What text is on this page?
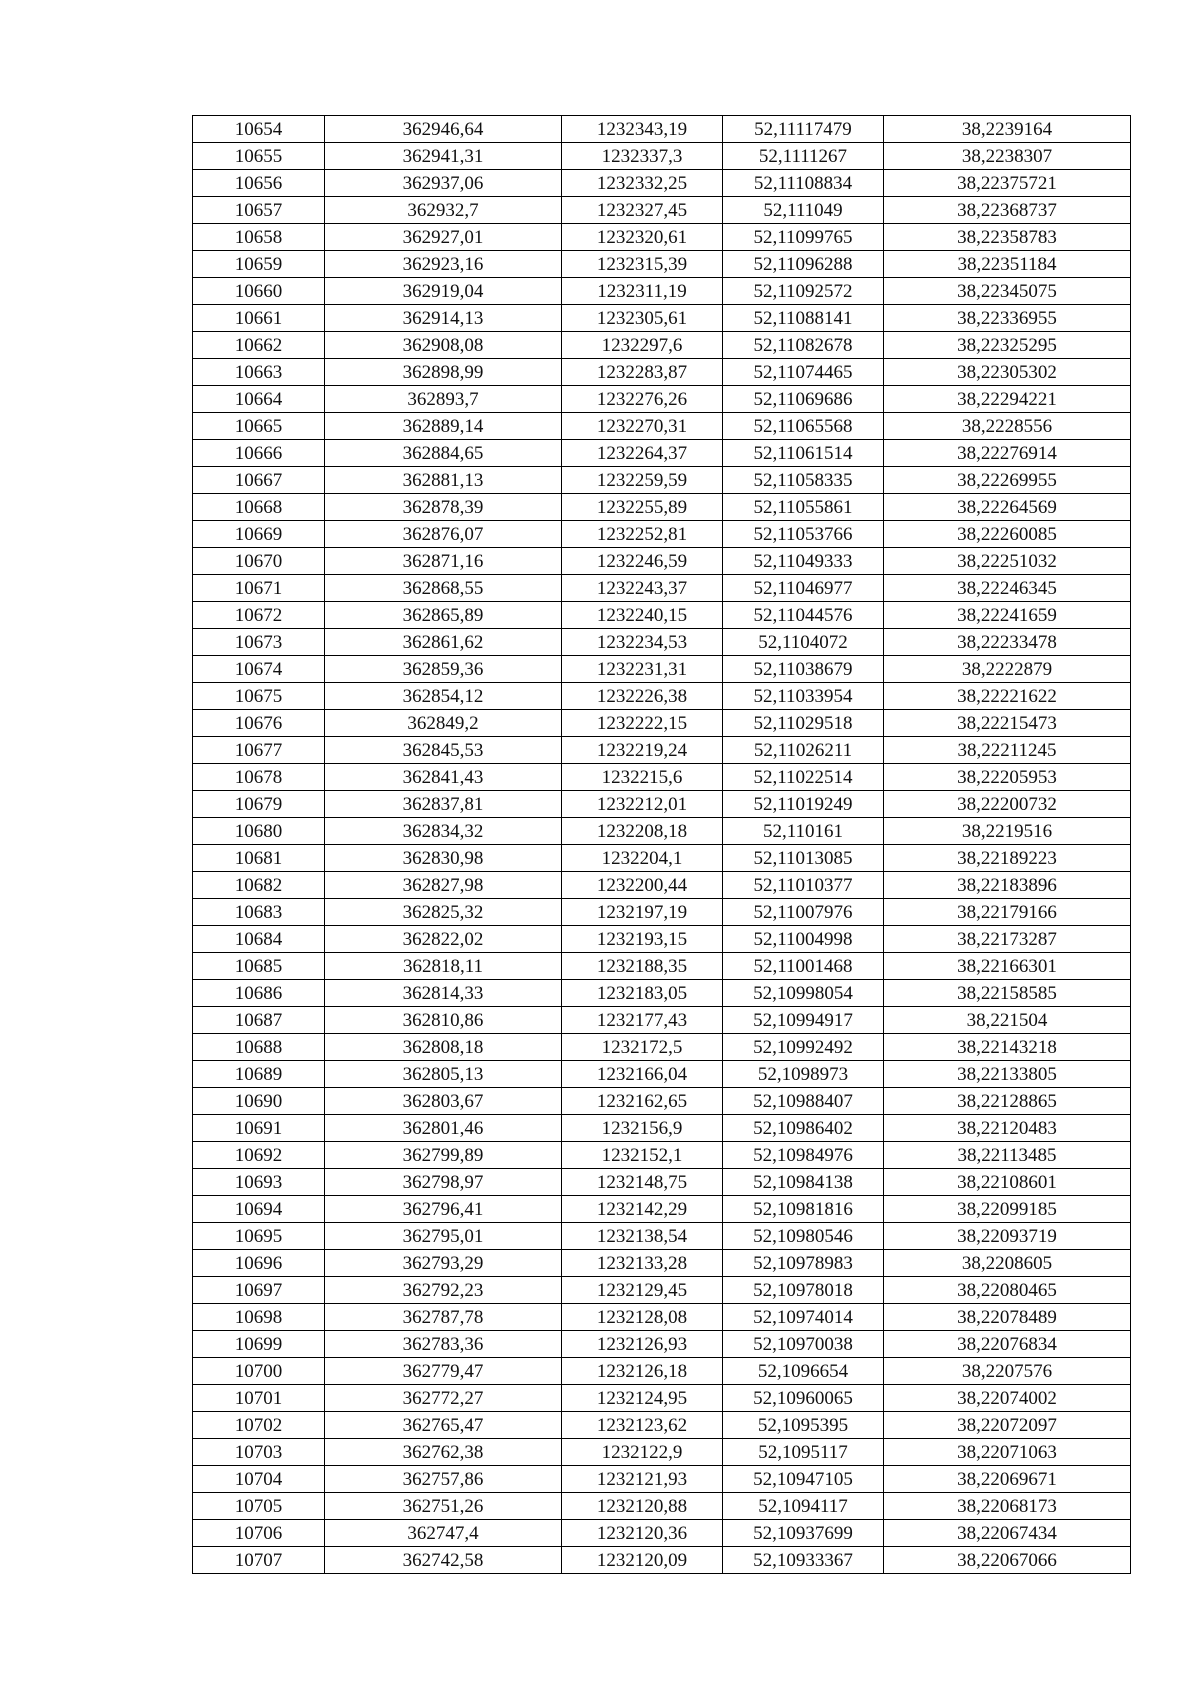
10654	362946,64	1232343,19	52,11117479	38,2239164
10655	362941,31	1232337,3	52,1111267	38,2238307
10656	362937,06	1232332,25	52,11108834	38,22375721
10657	362932,7	1232327,45	52,111049	38,22368737
10658	362927,01	1232320,61	52,11099765	38,22358783
10659	362923,16	1232315,39	52,11096288	38,22351184
10660	362919,04	1232311,19	52,11092572	38,22345075
10661	362914,13	1232305,61	52,11088141	38,22336955
10662	362908,08	1232297,6	52,11082678	38,22325295
10663	362898,99	1232283,87	52,11074465	38,22305302
10664	362893,7	1232276,26	52,11069686	38,22294221
10665	362889,14	1232270,31	52,11065568	38,2228556
10666	362884,65	1232264,37	52,11061514	38,22276914
10667	362881,13	1232259,59	52,11058335	38,22269955
10668	362878,39	1232255,89	52,11055861	38,22264569
10669	362876,07	1232252,81	52,11053766	38,22260085
10670	362871,16	1232246,59	52,11049333	38,22251032
10671	362868,55	1232243,37	52,11046977	38,22246345
10672	362865,89	1232240,15	52,11044576	38,22241659
10673	362861,62	1232234,53	52,1104072	38,22233478
10674	362859,36	1232231,31	52,11038679	38,2222879
10675	362854,12	1232226,38	52,11033954	38,22221622
10676	362849,2	1232222,15	52,11029518	38,22215473
10677	362845,53	1232219,24	52,11026211	38,22211245
10678	362841,43	1232215,6	52,11022514	38,22205953
10679	362837,81	1232212,01	52,11019249	38,22200732
10680	362834,32	1232208,18	52,110161	38,2219516
10681	362830,98	1232204,1	52,11013085	38,22189223
10682	362827,98	1232200,44	52,11010377	38,22183896
10683	362825,32	1232197,19	52,11007976	38,22179166
10684	362822,02	1232193,15	52,11004998	38,22173287
10685	362818,11	1232188,35	52,11001468	38,22166301
10686	362814,33	1232183,05	52,10998054	38,22158585
10687	362810,86	1232177,43	52,10994917	38,221504
10688	362808,18	1232172,5	52,10992492	38,22143218
10689	362805,13	1232166,04	52,1098973	38,22133805
10690	362803,67	1232162,65	52,10988407	38,22128865
10691	362801,46	1232156,9	52,10986402	38,22120483
10692	362799,89	1232152,1	52,10984976	38,22113485
10693	362798,97	1232148,75	52,10984138	38,22108601
10694	362796,41	1232142,29	52,10981816	38,22099185
10695	362795,01	1232138,54	52,10980546	38,22093719
10696	362793,29	1232133,28	52,10978983	38,2208605
10697	362792,23	1232129,45	52,10978018	38,22080465
10698	362787,78	1232128,08	52,10974014	38,22078489
10699	362783,36	1232126,93	52,10970038	38,22076834
10700	362779,47	1232126,18	52,1096654	38,2207576
10701	362772,27	1232124,95	52,10960065	38,22074002
10702	362765,47	1232123,62	52,1095395	38,22072097
10703	362762,38	1232122,9	52,1095117	38,22071063
10704	362757,86	1232121,93	52,10947105	38,22069671
10705	362751,26	1232120,88	52,1094117	38,22068173
10706	362747,4	1232120,36	52,10937699	38,22067434
10707	362742,58	1232120,09	52,10933367	38,22067066
